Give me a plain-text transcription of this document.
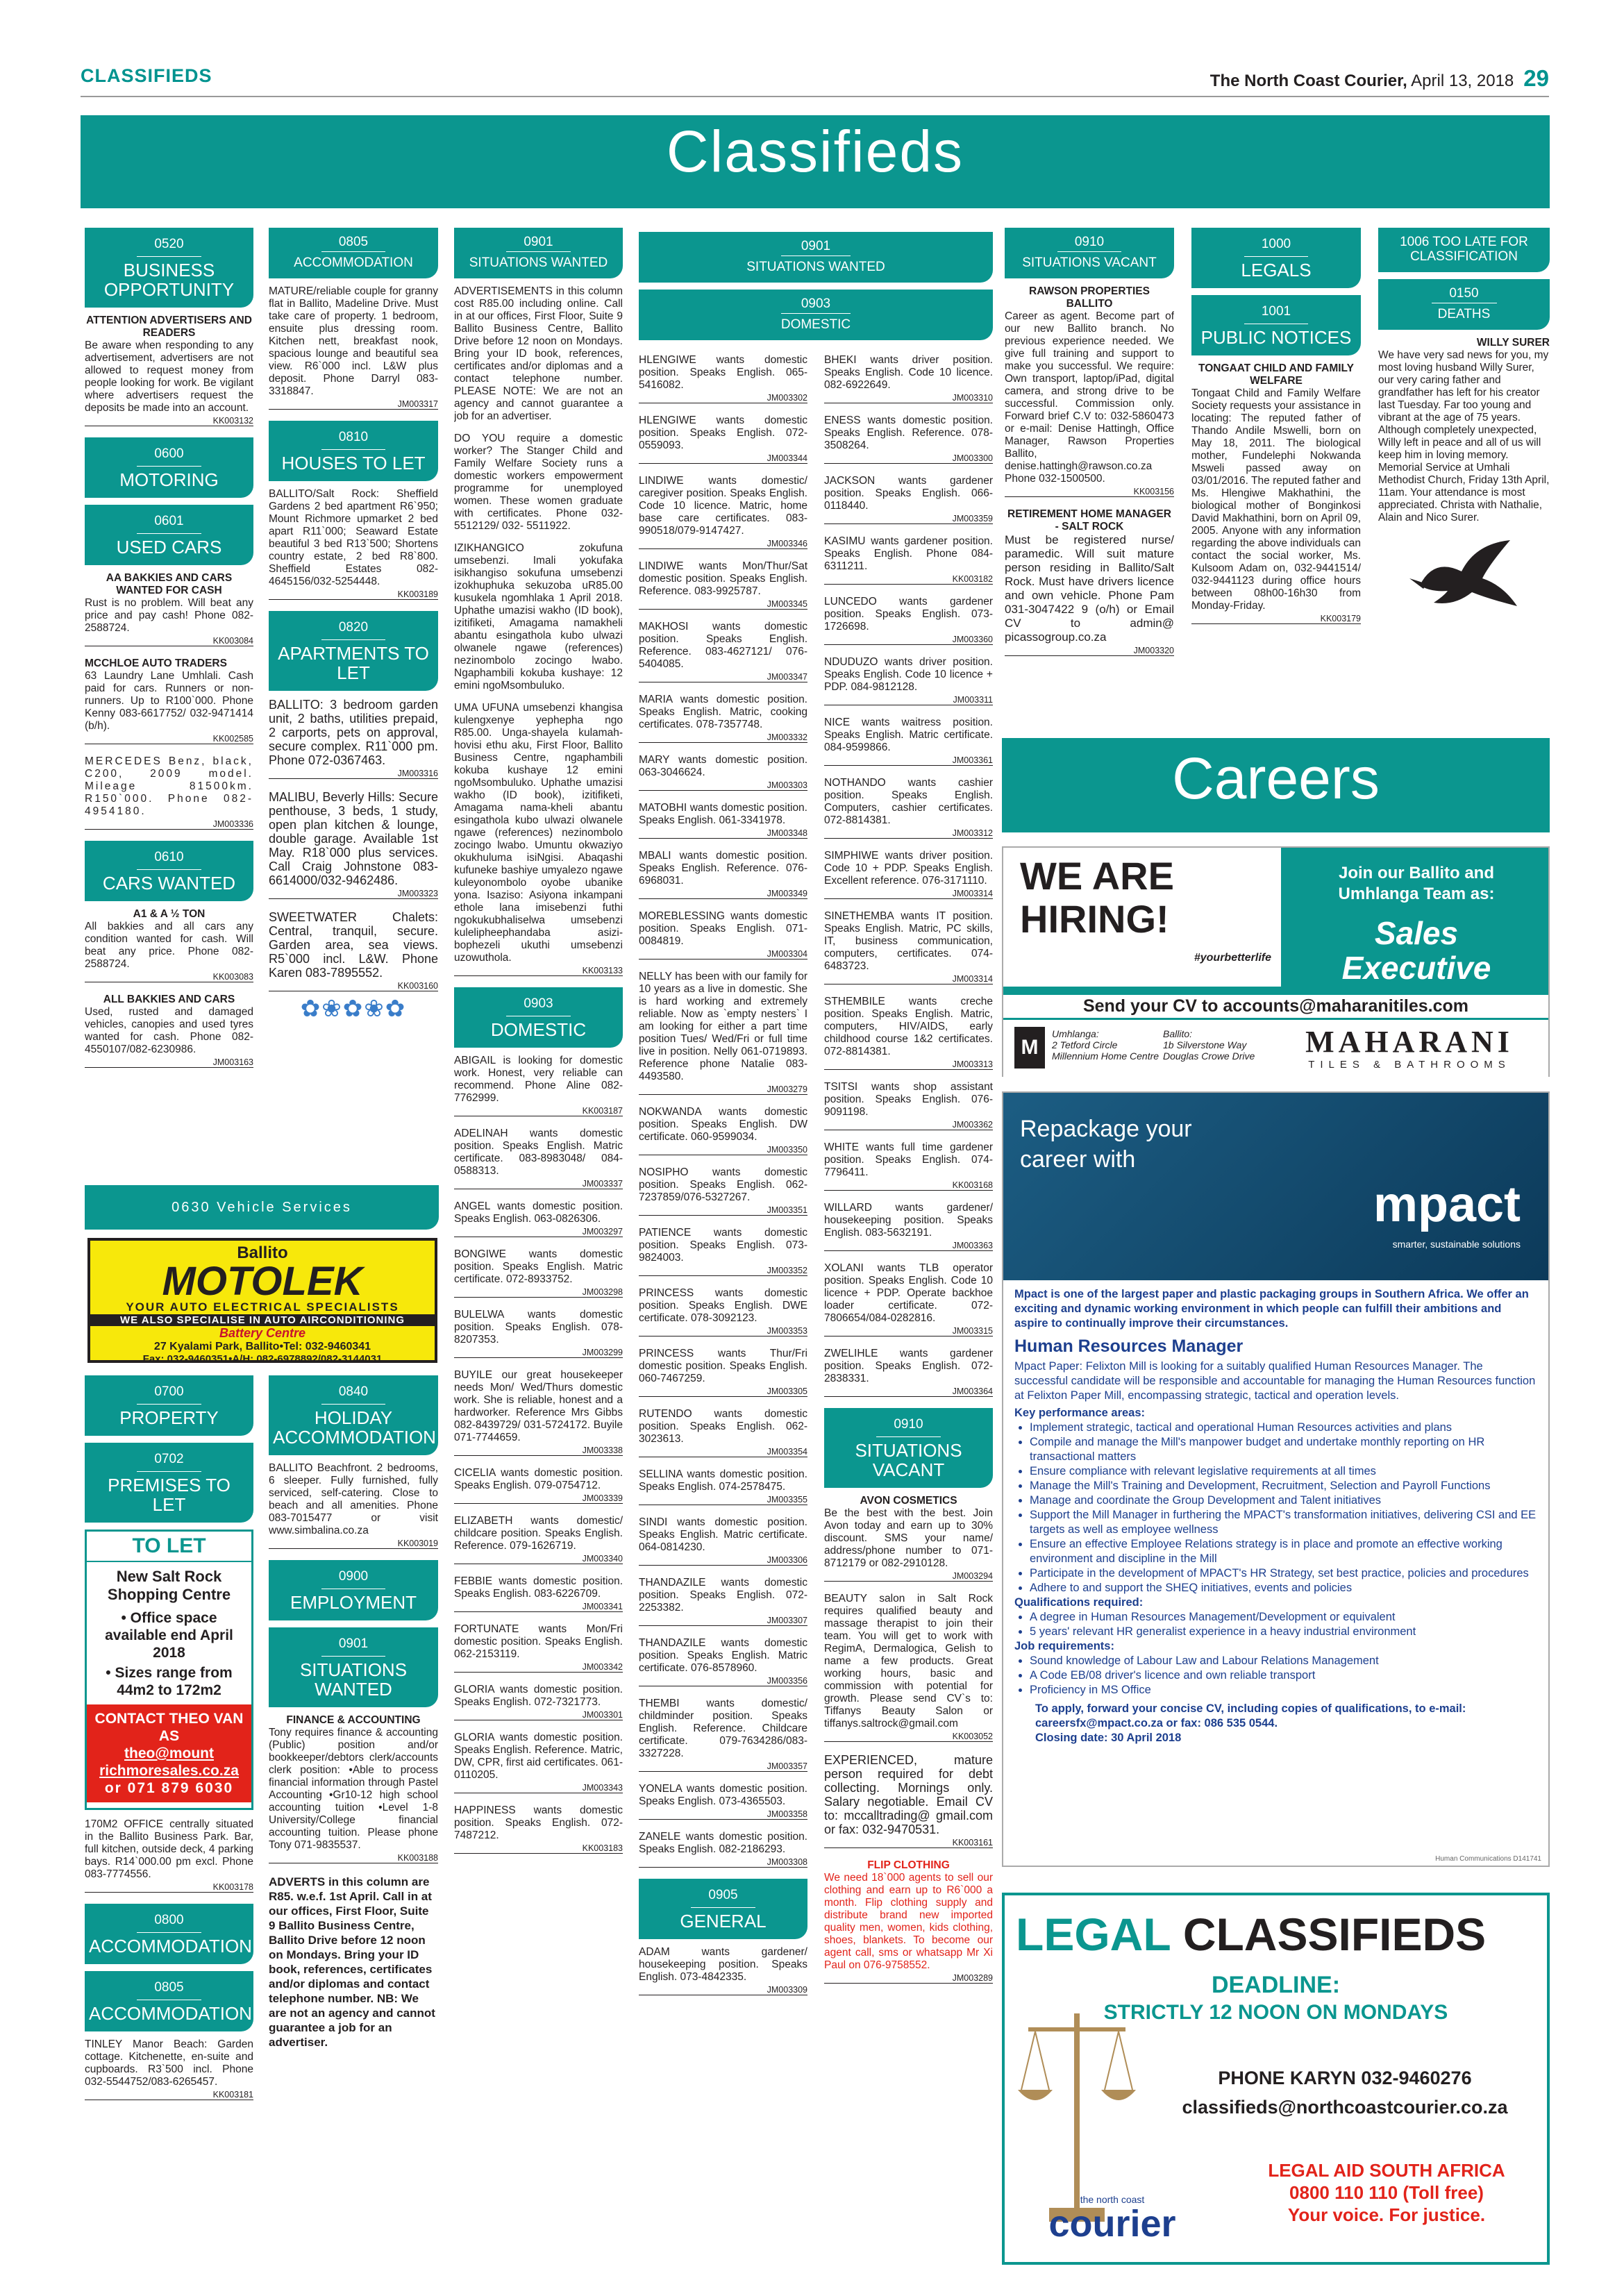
CLASSIFIEDS	The North Coast Courier, April 13, 2018 29
Classifieds
0520
BUSINESS OPPORTUNITY
ATTENTION ADVERTISERS AND READERS

Be aware when responding to any advertisement, advertisers are not allowed to request money from people looking for work. Be vigilant where advertisers request the deposits be made into an account.

KK003132
0600
MOTORING
0601
USED CARS
AA BAKKIES AND CARS WANTED FOR CASH

Rust is no problem. Will beat any price and pay cash! Phone 082-2588724.

KK003084
MCCHLOE AUTO TRADERS

63 Laundry Lane Umhlali. Cash paid for cars. Runners or non-runners. Up to R100`000. Phone Kenny 083-6617752/ 032-9471414 (b/h).

KK002585

MERCEDES Benz, black, C200, 2009 model. Mileage 81500km. R150`000. Phone 082-4954180.

JM003336
0610
CARS WANTED
A1 & A ½ TON

All bakkies and all cars any condition wanted for cash. Will beat any price. Phone 082-2588724.

KK003083
ALL BAKKIES AND CARS

Used, rusted and damaged vehicles, canopies and used tyres wanted for cash. Phone 082-4550107/082-6230986.

JM003163
0630 Vehicle Services
Ballito
MOTOLEK
YOUR AUTO ELECTRICAL SPECIALISTS
WE ALSO SPECIALISE IN AUTO AIRCONDITIONING
Battery Centre
27 Kyalami Park, Ballito•Tel: 032-9460341
Fax: 032-9460351•A/H: 082-6978892/082-3144031
0700
PROPERTY
0702
PREMISES TO LET
TO LET
New Salt Rock Shopping Centre
• Office space available end April 2018
• Sizes range from 44m2 to 172m2
CONTACT THEO VAN AS
theo@mount
richmoresales.co.za
or 071 879 6030

170M2 OFFICE centrally situated in the Ballito Business Park. Bar, full kitchen, outside deck, 4 parking bays. R14`000.00 pm excl. Phone 083-7774556.

KK003178
0800
ACCOMMODATION
0805
ACCOMMODATION

TINLEY Manor Beach: Garden cottage. Kitchenette, en-suite and cupboards. R3`500 incl. Phone 032-5544752/083-6265457.

KK003181
0805
ACCOMMODATION

MATURE/reliable couple for granny flat in Ballito, Madeline Drive. Must take care of property. 1 bedroom, ensuite plus dressing room. Kitchen nett, breakfast nook, spacious lounge and beautiful sea view. R6`000 incl. L&W plus deposit. Phone Darryl 083-3318847.

JM003317
0810
HOUSES TO LET

BALLITO/Salt Rock: Sheffield Gardens 2 bed apartment R6`950; Mount Richmore upmarket 2 bed apart R11`000; Seaward Estate beautiful 3 bed R13`500; Shortens country estate, 2 bed R8`800. Sheffield Estates 082-4645156/032-5254448.

KK003189
0820
APARTMENTS TO LET

BALLITO: 3 bedroom garden unit, 2 baths, utilities prepaid, 2 carports, pets on approval, secure complex. R11`000 pm. Phone 072-0367463.

JM003316

MALIBU, Beverly Hills: Secure penthouse, 3 beds, 1 study, open plan kitchen & lounge, double garage. Available 1st May. R18`000 plus services. Call Craig Johnstone 083-6614000/032-9462486.

JM003323

SWEETWATER Chalets: Central, tranquil, secure. Garden area, sea views. R5`000 incl. L&W. Phone Karen 083-7895552.

KK003160
✿❀✿❀✿
0840
HOLIDAY ACCOMMODATION

BALLITO Beachfront. 2 bedrooms, 6 sleeper. Fully furnished, fully serviced, self-catering. Close to beach and all amenities. Phone 083-7015477 or visit www.simbalina.co.za

KK003019
0900
EMPLOYMENT
0901
SITUATIONS WANTED
FINANCE & ACCOUNTING

Tony requires finance & accounting (Public) position and/or bookkeeper/debtors clerk/accounts clerk position: •Able to process financial information through Pastel Accounting •Gr10-12 high school accounting tuition •Level 1-8 University/College financial accounting tuition. Please phone Tony 071-9835537.

KK003188

ADVERTS in this column are R85. w.e.f. 1st April. Call in at our offices, First Floor, Suite 9 Ballito Business Centre, Ballito Drive before 12 noon on Mondays. Bring your ID book, references, certificates and/or diplomas and contact telephone number. NB: We are not an agency and cannot guarantee a job for an advertiser.

0901
SITUATIONS WANTED

ADVERTISEMENTS in this column cost R85.00 including online. Call in at our offices, First Floor, Suite 9 Ballito Business Centre, Ballito Drive before 12 noon on Mondays. Bring your ID book, references, certificates and/or diplomas and a contact telephone number. PLEASE NOTE: We are not an agency and cannot guarantee a job for an advertiser.

DO YOU require a domestic worker? The Stanger Child and Family Welfare Society runs a domestic workers empowerment programme for unemployed women. These women graduate with certificates. Phone 032-5512129/ 032- 5511922.

IZIKHANGICO zokufuna umsebenzi. Imali yokufaka isikhangiso sokufuna umsebenzi izokhuphuka sekuzoba uR85.00 kusukela ngomhlaka 1 April 2018. Uphathe umazisi wakho (ID book), izitifiketi, Amagama namakheli abantu esingathola kubo ulwazi olwanele ngawe (references) nezinombolo zocingo lwabo. Ngaphambili kokuba kushaye: 12 emini ngoMsombuluko.

UMA UFUNA umsebenzi khangisa kulengxenye yephepha ngo R85.00. Unga-shayela kulamah-hovisi ethu aku, First Floor, Ballito Business Centre, ngaphambili kokuba kushaye 12 emini ngoMsombuluko. Uphathe umazisi wakho (ID book), izitifiketi, Amagama nama-kheli abantu esingathola kubo ulwazi olwanele ngawe (references) nezinombolo zocingo lwabo. Umuntu okwaziyo okukhuluma isiNgisi. Abaqashi kufuneke bashiye umyalezo ngawe kuleyonombolo oyobe ubanike yona. Isaziso: Asiyona inkampani ethole lana imisebenzi futhi ngokukubhaliselwa umsebenzi kulelipheephandaba asizi-bophezeli ukuthi umsebenzi uzowuthola.

KK003133
0903
DOMESTIC

ABIGAIL is looking for domestic work. Honest, very reliable can recommend. Phone Aline 082-7762999.

KK003187

ADELINAH wants domestic position. Speaks English. Matric certificate. 083-8983048/ 084-0588313.

JM003337

ANGEL wants domestic position. Speaks English. 063-0826306.

JM003297

BONGIWE wants domestic position. Speaks English. Matric certificate. 072-8933752.

JM003298

BULELWA wants domestic position. Speaks English. 078-8207353.

JM003299

BUYILE our great housekeeper needs Mon/ Wed/Thurs domestic work. She is reliable, honest and a hardworker. Reference Mrs Gibbs 082-8439729/ 031-5724172. Buyile 071-7744659.

JM003338

CICELIA wants domestic position. Speaks English. 079-0754712.

JM003339

ELIZABETH wants domestic/ childcare position. Speaks English. Reference. 079-1626719.

JM003340

FEBBIE wants domestic position. Speaks English. 083-6226709.

JM003341

FORTUNATE wants Mon/Fri domestic position. Speaks English. 062-2153119.

JM003342

GLORIA wants domestic position. Speaks English. 072-7321773.

JM003301

GLORIA wants domestic position. Speaks English. Reference. Matric, DW, CPR, first aid certificates. 061-0110205.

JM003343

HAPPINESS wants domestic position. Speaks English. 072-7487212.

KK003183
0901
SITUATIONS WANTED
0903
DOMESTIC

HLENGIWE wants domestic position. Speaks English. 065-5416082.

JM003302

HLENGIWE wants domestic position. Speaks English. 072-0559093.

JM003344

LINDIWE wants domestic/ caregiver position. Speaks English. Code 10 licence. Matric, home base care certificates. 083-990518/079-9147427.

JM003346

LINDIWE wants Mon/Thur/Sat domestic position. Speaks English. Reference. 083-9925787.

JM003345

MAKHOSI wants domestic position. Speaks English. Reference. 083-4627121/ 076-5404085.

JM003347

MARIA wants domestic position. Speaks English. Matric, cooking certificates. 078-7357748.

JM003332

MARY wants domestic position. 063-3046624.

JM003303

MATOBHI wants domestic position. Speaks English. 061-3341978.

JM003348

MBALI wants domestic position. Speaks English. Reference. 076-6968031.

JM003349

MOREBLESSING wants domestic position. Speaks English. 071-0084819.

JM003304

NELLY has been with our family for 10 years as a live in domestic. She is hard working and extremely reliable. Now as `empty nesters` I am looking for either a part time position Tues/ Wed/Fri or full time live in position. Nelly 061-0719893. Reference phone Natalie 083-4493580.

JM003279

NOKWANDA wants domestic position. Speaks English. DW certificate. 060-9599034.

JM003350

NOSIPHO wants domestic position. Speaks English. 062-7237859/076-5327267.

JM003351

PATIENCE wants domestic position. Speaks English. 073-9824003.

JM003352

PRINCESS wants domestic position. Speaks English. DWE certificate. 078-3092123.

JM003353

PRINCESS wants Thur/Fri domestic position. Speaks English. 060-7467259.

JM003305

RUTENDO wants domestic position. Speaks English. 062-3023613.

JM003354

SELLINA wants domestic position. Speaks English. 074-2578475.

JM003355

SINDI wants domestic position. Speaks English. Matric certificate. 064-0814230.

JM003306

THANDAZILE wants domestic position. Speaks English. 072-2253382.

JM003307

THANDAZILE wants domestic position. Speaks English. Matric certificate. 076-8578960.

JM003356

THEMBI wants domestic/ childminder position. Speaks English. Reference. Childcare certificate. 079-7634286/083-3327228.

JM003357

YONELA wants domestic position. Speaks English. 073-4365503.

JM003358

ZANELE wants domestic position. Speaks English. 082-2186293.

JM003308
0905
GENERAL

ADAM wants gardener/ housekeeping position. Speaks English. 073-4842335.

JM003309

BHEKI wants driver position. Speaks English. Code 10 licence. 082-6922649.

JM003310

ENESS wants domestic position. Speaks English. Reference. 078-3508264.

JM003300

JACKSON wants gardener position. Speaks English. 066-0118440.

JM003359

KASIMU wants gardener position. Speaks English. Phone 084-6311211.

KK003182

LUNCEDO wants gardener position. Speaks English. 073-1726698.

JM003360

NDUDUZO wants driver position. Speaks English. Code 10 licence + PDP. 084-9812128.

JM003311

NICE wants waitress position. Speaks English. Matric certificate. 084-9599866.

JM003361

NOTHANDO wants cashier position. Speaks English. Computers, cashier certificates. 072-8814381.

JM003312

SIMPHIWE wants driver position. Code 10 + PDP. Speaks English. Excellent reference. 076-3171110.

JM003314

SINETHEMBA wants IT position. Speaks English. Matric, PC skills, IT, business communication, computers, certificates. 074-6483723.

JM003314

STHEMBILE wants creche position. Speaks English. Matric, computers, HIV/AIDS, early childhood course 1&2 certificates. 072-8814381.

JM003313

TSITSI wants shop assistant position. Speaks English. 076-9091198.

JM003362

WHITE wants full time gardener position. Speaks English. 074-7796411.

KK003168

WILLARD wants gardener/ housekeeping position. Speaks English. 083-5632191.

JM003363

XOLANI wants TLB operator position. Speaks English. Code 10 licence + PDP. Operate backhoe loader certificate. 072-7806654/084-0282816.

JM003315

ZWELIHLE wants gardener position. Speaks English. 072-2838331.

JM003364
0910
SITUATIONS VACANT
AVON COSMETICS

Be the best with the best. Join Avon today and earn up to 30% discount. SMS your name/ address/phone number to 071-8712179 or 082-2910128.

JM003294

BEAUTY salon in Salt Rock requires qualified beauty and massage therapist to join their team. You will get to work with RegimA, Dermalogica, Gelish to name a few products. Great working hours, basic and commission with potential for growth. Please send CV`s to: Tiffanys Beauty Salon or tiffanys.saltrock@gmail.com

KK003052

EXPERIENCED, mature person required for debt collecting. Mornings only. Salary negotiable. Email CV to: mccalltrading@ gmail.com or fax: 032-9470531.

KK003161
FLIP CLOTHING

We need 18`000 agents to sell our clothing and earn up to R6`000 a month. Flip clothing supply and distribute brand new imported quality men, women, kids clothing, shoes, blankets. To become our agent call, sms or whatsapp Mr Xi Paul on 076-9758552.

JM003289
0910
SITUATIONS VACANT
RAWSON PROPERTIES BALLITO

Career as agent. Become part of our new Ballito branch. No previous experience needed. We give full training and support to make you successful. We require: Own transport, laptop/iPad, digital camera, and strong drive to be successful. Commission only. Forward brief C.V to: 032-5860473 or e-mail: Denise Hattingh, Office Manager, Rawson Properties Ballito, denise.hattingh@rawson.co.za Phone 032-1500500.

KK003156
RETIREMENT HOME MANAGER - SALT ROCK

Must be registered nurse/ paramedic. Will suit mature person residing in Ballito/Salt Rock. Must have drivers licence and own vehicle. Phone Pam 031-3047422 9 (o/h) or Email CV to admin@ picassogroup.co.za

JM003320
1000
LEGALS
1001
PUBLIC NOTICES
TONGAAT CHILD AND FAMILY WELFARE

Tongaat Child and Family Welfare Society requests your assistance in locating: The reputed father of Thando Andile Mswelli, born on May 18, 2011. The biological mother, Fundelephi Nokwanda Msweli passed away on 03/01/2016. The reputed father and Ms. Hlengiwe Makhathini, the biological mother of Bonginkosi David Makhathini, born on April 09, 2005. Anyone with any information regarding the above individuals can contact the social worker, Ms. Kulsoom Adam on, 032-9441514/ 032-9441123 during office hours between 08h00-16h30 from Monday-Friday.

KK003179
1006 TOO LATE FOR CLASSIFICATION
0150
DEATHS
WILLY SURER

We have very sad news for you, my most loving husband Willy Surer, our very caring father and grandfather has left for his creator last Tuesday. Far too young and vibrant at the age of 75 years. Although completely unexpected, Willy left in peace and all of us will keep him in loving memory. Memorial Service at Umhali Methodist Church, Friday 13th April, 11am. Your attendance is most appreciated. Christa with Nathalie, Alain and Nico Surer.

Careers
WE ARE
HIRING!
#yourbetterlife
Join our Ballito and
Umhlanga Team as:
Sales
Executive
Send your CV to accounts@maharanitiles.com
M
Umhlanga:
2 Tetford Circle
Millennium Home Centre
Ballito:
1b Silverstone Way
Douglas Crowe Drive	MAHARANI
TILES & BATHROOMS
Repackage your
career with
mpact
smarter, sustainable solutions

Mpact is one of the largest paper and plastic packaging groups in Southern Africa. We offer an exciting and dynamic working environment in which people can fulfill their ambitions and aspire to continually improve their circumstances.

Human Resources Manager

Mpact Paper: Felixton Mill is looking for a suitably qualified Human Resources Manager. The successful candidate will be responsible and accountable for managing the Human Resources function at Felixton Paper Mill, encompassing strategic, tactical and operation levels.

Key performance areas:
• Implement strategic, tactical and operational Human Resources activities and plans
• Compile and manage the Mill's manpower budget and undertake monthly reporting on HR transactional matters
• Ensure compliance with relevant legislative requirements at all times
• Manage the Mill's Training and Development, Recruitment, Selection and Payroll Functions
• Manage and coordinate the Group Development and Talent initiatives
• Support the Mill Manager in furthering the MPACT's transformation initiatives, delivering CSI and EE targets as well as employee wellness
• Ensure an effective Employee Relations strategy is in place and promote an effective working environment and discipline in the Mill
• Participate in the development of MPACT's HR Strategy, set best practice, policies and procedures
• Adhere to and support the SHEQ initiatives, events and policies
Qualifications required:
• A degree in Human Resources Management/Development or equivalent
• 5 years' relevant HR generalist experience in a heavy industrial environment
Job requirements:
• Sound knowledge of Labour Law and Labour Relations Management
• A Code EB/08 driver's licence and own reliable transport
• Proficiency in MS Office
To apply, forward your concise CV, including copies of qualifications, to e-mail:
careersfx@mpact.co.za or fax: 086 535 0544.
Closing date: 30 April 2018
Human Communications D141741
LEGAL CLASSIFIEDS
DEADLINE:
STRICTLY 12 NOON ON MONDAYS
PHONE KARYN 032-9460276
classifieds@northcoastcourier.co.za
LEGAL AID SOUTH AFRICA
0800 110 110 (Toll free)
Your voice. For justice.
the north coast
courier
